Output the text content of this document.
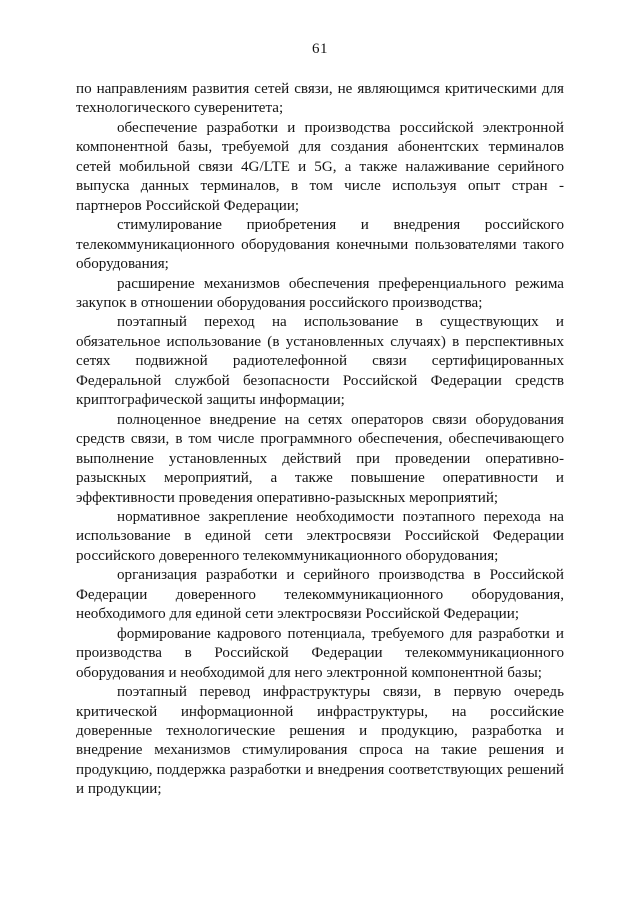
61

по направлениям развития сетей связи, не являющимся критическими для технологического суверенитета;

обеспечение разработки и производства российской электронной компонентной базы, требуемой для создания абонентских терминалов сетей мобильной связи 4G/LTE и 5G, а также налаживание серийного выпуска данных терминалов, в том числе используя опыт стран - партнеров Российской Федерации;

стимулирование приобретения и внедрения российского телекоммуникационного оборудования конечными пользователями такого оборудования;

расширение механизмов обеспечения преференциального режима закупок в отношении оборудования российского производства;

поэтапный переход на использование в существующих и обязательное использование (в установленных случаях) в перспективных сетях подвижной радиотелефонной связи сертифицированных Федеральной службой безопасности Российской Федерации средств криптографической защиты информации;

полноценное внедрение на сетях операторов связи оборудования средств связи, в том числе программного обеспечения, обеспечивающего выполнение установленных действий при проведении оперативно-разыскных мероприятий, а также повышение оперативности и эффективности проведения оперативно-разыскных мероприятий;

нормативное закрепление необходимости поэтапного перехода на использование в единой сети электросвязи Российской Федерации российского доверенного телекоммуникационного оборудования;

организация разработки и серийного производства в Российской Федерации доверенного телекоммуникационного оборудования, необходимого для единой сети электросвязи Российской Федерации;

формирование кадрового потенциала, требуемого для разработки и производства в Российской Федерации телекоммуникационного оборудования и необходимой для него электронной компонентной базы;

поэтапный перевод инфраструктуры связи, в первую очередь критической информационной инфраструктуры, на российские доверенные технологические решения и продукцию, разработка и внедрение механизмов стимулирования спроса на такие решения и продукцию, поддержка разработки и внедрения соответствующих решений и продукции;
